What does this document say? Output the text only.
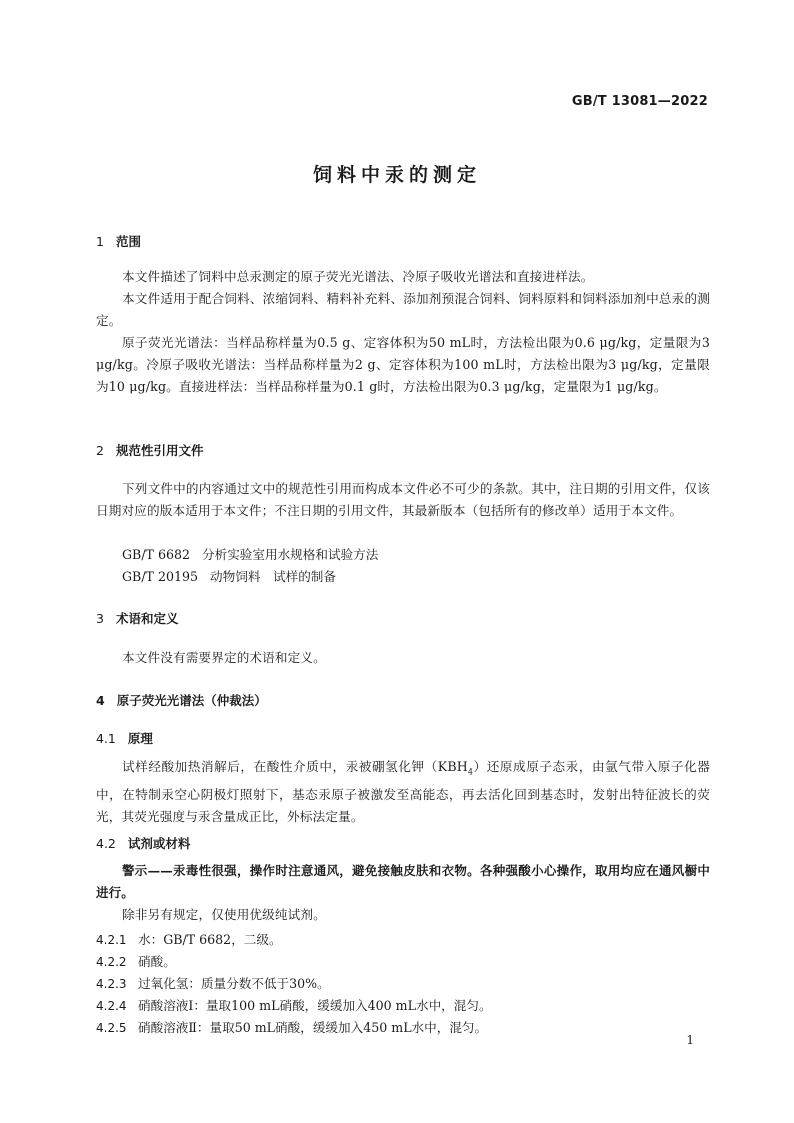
GB/T 13081—2022
饲料中汞的测定
1 范围
本文件描述了饲料中总汞测定的原子荧光光谱法、冷原子吸收光谱法和直接进样法。
本文件适用于配合饲料、浓缩饲料、精料补充料、添加剂预混合饲料、饲料原料和饲料添加剂中总汞的测定。
原子荧光光谱法：当样品称样量为0.5 g、定容体积为50 mL时，方法检出限为0.6 μg/kg，定量限为3 μg/kg。冷原子吸收光谱法：当样品称样量为2 g、定容体积为100 mL时，方法检出限为3 μg/kg，定量限为10 μg/kg。直接进样法：当样品称样量为0.1 g时，方法检出限为0.3 μg/kg，定量限为1 μg/kg。
2 规范性引用文件
下列文件中的内容通过文中的规范性引用而构成本文件必不可少的条款。其中，注日期的引用文件，仅该日期对应的版本适用于本文件；不注日期的引用文件，其最新版本（包括所有的修改单）适用于本文件。
GB/T 6682 分析实验室用水规格和试验方法
GB/T 20195 动物饲料　试样的制备
3 术语和定义
本文件没有需要界定的术语和定义。
4 原子荧光光谱法（仲裁法）
4.1 原理
试样经酸加热消解后，在酸性介质中，汞被硼氢化钾$(KBH_4)$还原成原子态汞，由氩气带入原子化器中，在特制汞空心阴极灯照射下，基态汞原子被激发至高能态，再去活化回到基态时，发射出特征波长的荧光，其荧光强度与汞含量成正比，外标法定量。
4.2 试剂或材料
警示——汞毒性很强，操作时注意通风，避免接触皮肤和衣物。各种强酸小心操作，取用均应在通风橱中进行。
除非另有规定，仅使用优级纯试剂。
4.2.1 水：GB/T 6682，二级。
4.2.2 硝酸。
4.2.3 过氧化氢：质量分数不低于30%。
4.2.4 硝酸溶液Ⅰ：量取100 mL硝酸，缓缓加入400 mL水中，混匀。
4.2.5 硝酸溶液Ⅱ：量取50 mL硝酸，缓缓加入450 mL水中，混匀。
1
